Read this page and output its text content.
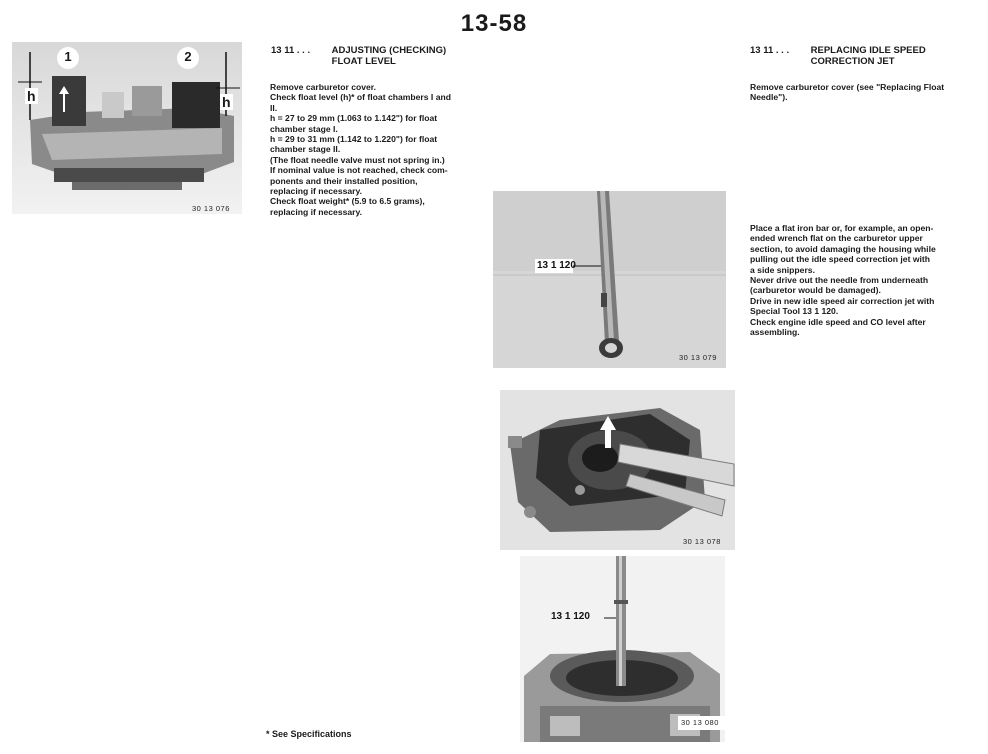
13-58
1	2
h	h
30 13 076
13 11 . . . ADJUSTING (CHECKING)
FLOAT LEVEL
Remove carburetor cover.
Check float level (h)* of float chambers I and
II.
h = 27 to 29 mm (1.063 to 1.142") for float
chamber stage I.
h = 29 to 31 mm (1.142 to 1.220") for float
chamber stage II.
(The float needle valve must not spring in.)
If nominal value is not reached, check com-
ponents and their installed position,
replacing if necessary.
Check float weight* (5.9 to 6.5 grams),
replacing if necessary.
13 11 . . . REPLACING IDLE SPEED
CORRECTION JET
Remove carburetor cover (see "Replacing Float
Needle").
Place a flat iron bar or, for example, an open-
ended wrench flat on the carburetor upper
section, to avoid damaging the housing while
pulling out the idle speed correction jet with
a side snippers.
Never drive out the needle from underneath
(carburetor would be damaged).
Drive in new idle speed air correction jet with
Special Tool 13 1 120.
Check engine idle speed and CO level after
assembling.
13 1 120
30 13 079
30 13 078
13 1 120
30 13 080
* See Specifications
